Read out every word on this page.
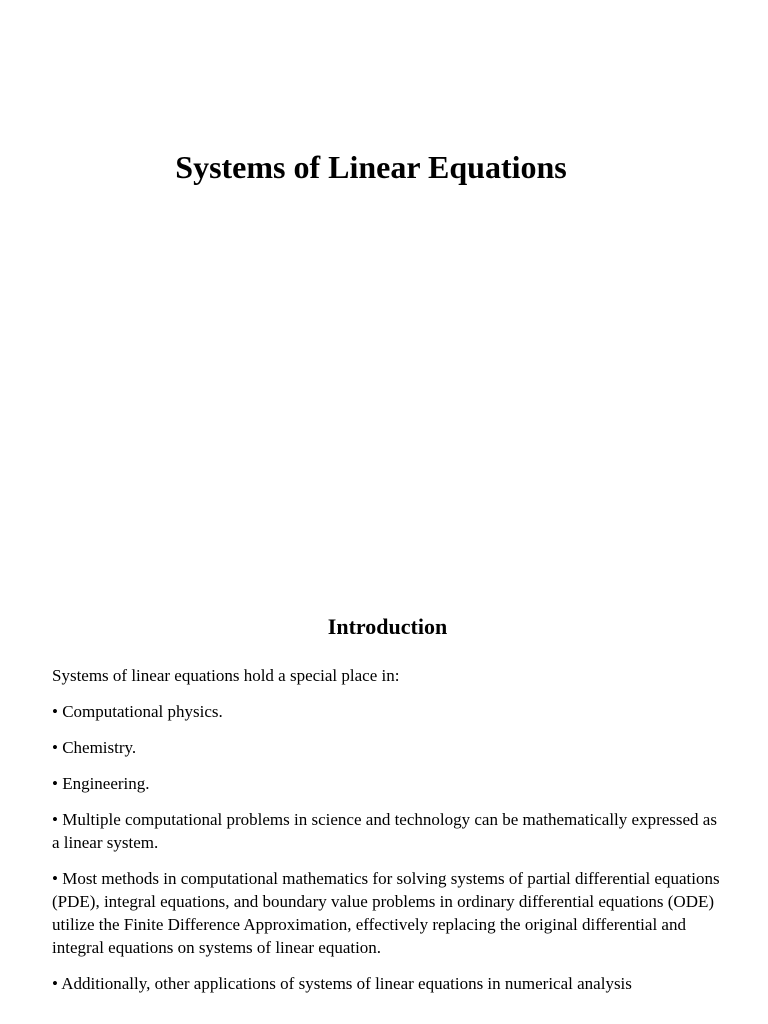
Systems of Linear Equations
Introduction

Systems of linear equations hold a special place in:

• Computational physics.

• Chemistry.

• Engineering.

• Multiple computational problems in science and technology can be mathematically expressed as a linear system.

• Most methods in computational mathematics for solving systems of partial differential equations (PDE), integral equations, and boundary value problems in ordinary differential equations (ODE) utilize the Finite Difference Approximation, effectively replacing the original differential and integral equations on systems of linear equation.

• Additionally, other applications of systems of linear equations in numerical analysis
